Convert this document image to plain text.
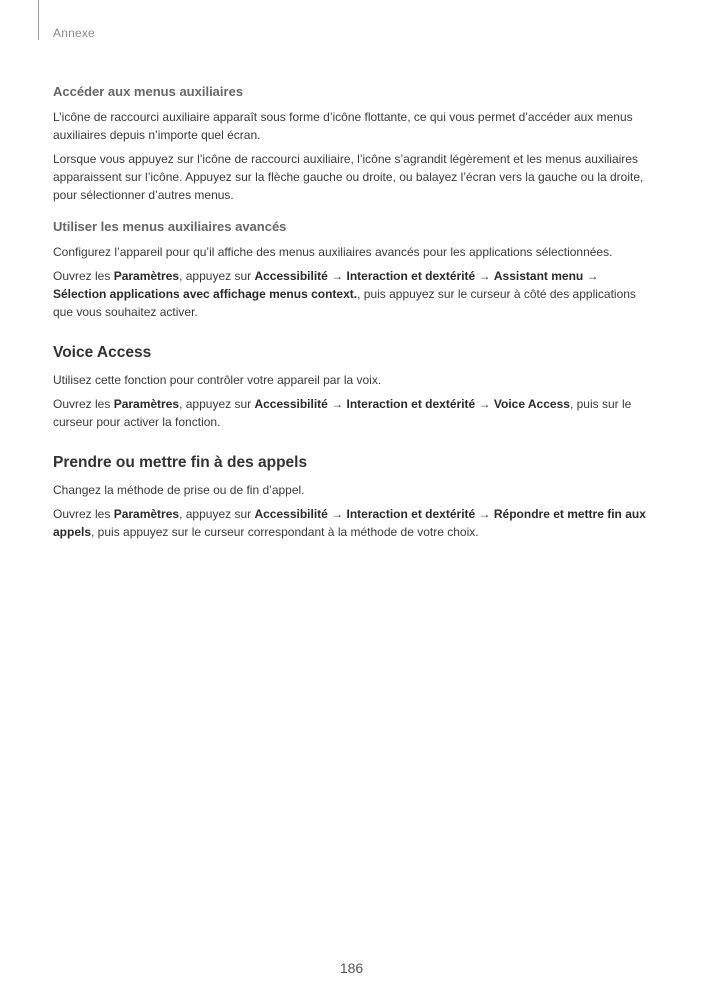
Annexe
Accéder aux menus auxiliaires

L’icône de raccourci auxiliaire apparaît sous forme d’icône flottante, ce qui vous permet d’accéder aux menus auxiliaires depuis n’importe quel écran.

Lorsque vous appuyez sur l’icône de raccourci auxiliaire, l’icône s’agrandit légèrement et les menus auxiliaires apparaissent sur l’icône. Appuyez sur la flèche gauche ou droite, ou balayez l’écran vers la gauche ou la droite, pour sélectionner d’autres menus.

Utiliser les menus auxiliaires avancés

Configurez l’appareil pour qu’il affiche des menus auxiliaires avancés pour les applications sélectionnées.

Ouvrez les Paramètres, appuyez sur Accessibilité → Interaction et dextérité → Assistant menu → Sélection applications avec affichage menus context., puis appuyez sur le curseur à côté des applications que vous souhaitez activer.

Voice Access

Utilisez cette fonction pour contrôler votre appareil par la voix.

Ouvrez les Paramètres, appuyez sur Accessibilité → Interaction et dextérité → Voice Access, puis sur le curseur pour activer la fonction.

Prendre ou mettre fin à des appels

Changez la méthode de prise ou de fin d’appel.

Ouvrez les Paramètres, appuyez sur Accessibilité → Interaction et dextérité → Répondre et mettre fin aux appels, puis appuyez sur le curseur correspondant à la méthode de votre choix.

186
